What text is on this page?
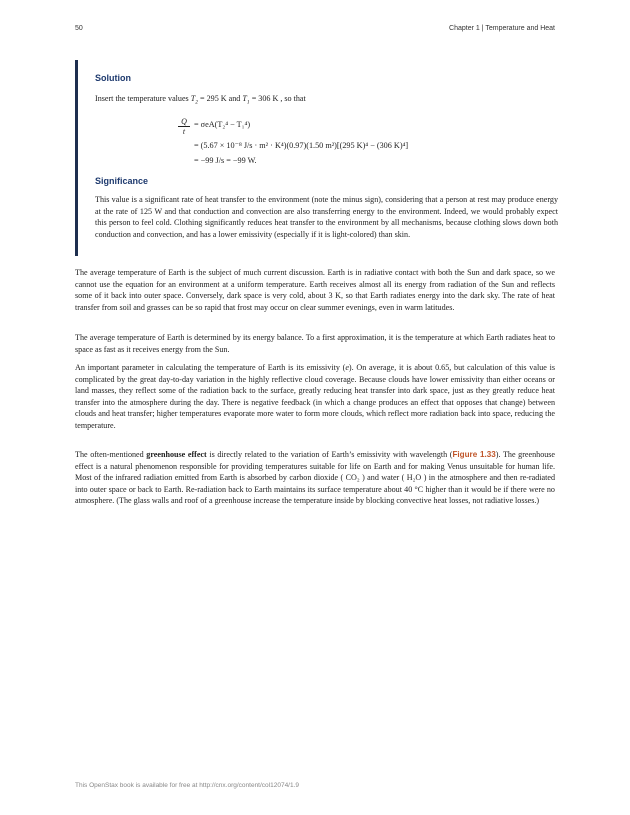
50	Chapter 1 | Temperature and Heat
Solution
Insert the temperature values $T_2 = 295$ K and $T_1 = 306$ K , so that
$\frac{Q}{t} = \sigma eA(T_2^4 - T_1^4)$
= (5.67 × 10⁻⁸ J/s · m² · K⁴)(0.97)(1.50 m²)[(295 K)⁴ − (306 K)⁴]
= −99 J/s = −99 W.
Significance
This value is a significant rate of heat transfer to the environment (note the minus sign), considering that a person at rest may produce energy at the rate of 125 W and that conduction and convection are also transferring energy to the environment. Indeed, we would probably expect this person to feel cold. Clothing significantly reduces heat transfer to the environment by all mechanisms, because clothing slows down both conduction and convection, and has a lower emissivity (especially if it is light-colored) than skin.
The average temperature of Earth is the subject of much current discussion. Earth is in radiative contact with both the Sun and dark space, so we cannot use the equation for an environment at a uniform temperature. Earth receives almost all its energy from radiation of the Sun and reflects some of it back into outer space. Conversely, dark space is very cold, about 3 K, so that Earth radiates energy into the dark sky. The rate of heat transfer from soil and grasses can be so rapid that frost may occur on clear summer evenings, even in warm latitudes.
The average temperature of Earth is determined by its energy balance. To a first approximation, it is the temperature at which Earth radiates heat to space as fast as it receives energy from the Sun.
An important parameter in calculating the temperature of Earth is its emissivity (e). On average, it is about 0.65, but calculation of this value is complicated by the great day-to-day variation in the highly reflective cloud coverage. Because clouds have lower emissivity than either oceans or land masses, they reflect some of the radiation back to the surface, greatly reducing heat transfer into dark space, just as they greatly reduce heat transfer into the atmosphere during the day. There is negative feedback (in which a change produces an effect that opposes that change) between clouds and heat transfer; higher temperatures evaporate more water to form more clouds, which reflect more radiation back into space, reducing the temperature.
The often-mentioned greenhouse effect is directly related to the variation of Earth’s emissivity with wavelength (Figure 1.33). The greenhouse effect is a natural phenomenon responsible for providing temperatures suitable for life on Earth and for making Venus unsuitable for human life. Most of the infrared radiation emitted from Earth is absorbed by carbon dioxide ( CO₂ ) and water ( H₂O ) in the atmosphere and then re-radiated into outer space or back to Earth. Re-radiation back to Earth maintains its surface temperature about 40 °C higher than it would be if there were no atmosphere. (The glass walls and roof of a greenhouse increase the temperature inside by blocking convective heat losses, not radiative losses.)
This OpenStax book is available for free at http://cnx.org/content/col12074/1.9
